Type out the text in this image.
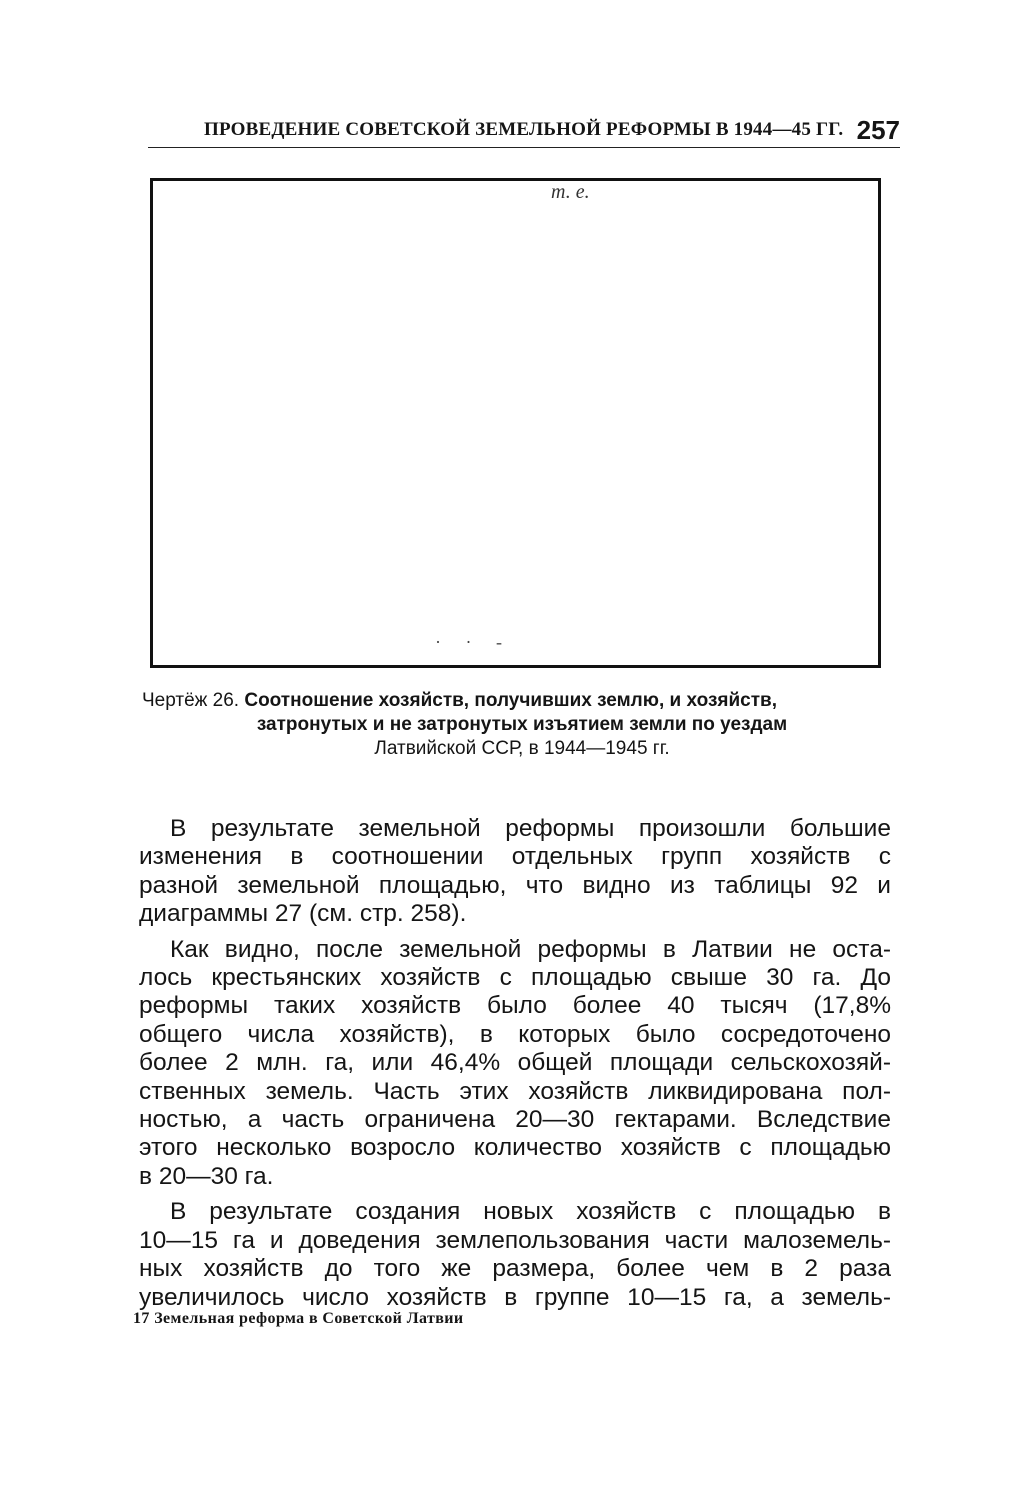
ПРОВЕДЕНИЕ СОВЕТСКОЙ ЗЕМЕЛЬНОЙ РЕФОРМЫ В 1944—45 ГГ. 257
т. е.
· · -
Чертёж 26. Соотношение хозяйств, получивших землю, и хозяйств,
затронутых и не затронутых изъятием земли по уездам
Латвийской ССР, в 1944—1945 гг.

В результате земельной реформы произошли большие
изменения в соотношении отдельных групп хозяйств с
разной земельной площадью, что видно из таблицы 92 и
диаграммы 27 (см. стр. 258).

Как видно, после земельной реформы в Латвии не оста-
лось крестьянских хозяйств с площадью свыше 30 га. До
реформы таких хозяйств было более 40 тысяч (17,8%
общего числа хозяйств), в которых было сосредоточено
более 2 млн. га, или 46,4% общей площади сельскохозяй-
ственных земель. Часть этих хозяйств ликвидирована пол-
ностью, а часть ограничена 20—30 гектарами. Вследствие
этого несколько возросло количество хозяйств с площадью
в 20—30 га.

В результате создания новых хозяйств с площадью в
10—15 га и доведения землепользования части малоземель-
ных хозяйств до того же размера, более чем в 2 раза
увеличилось число хозяйств в группе 10—15 га, а земель-

17 Земельная реформа в Советской Латвии
